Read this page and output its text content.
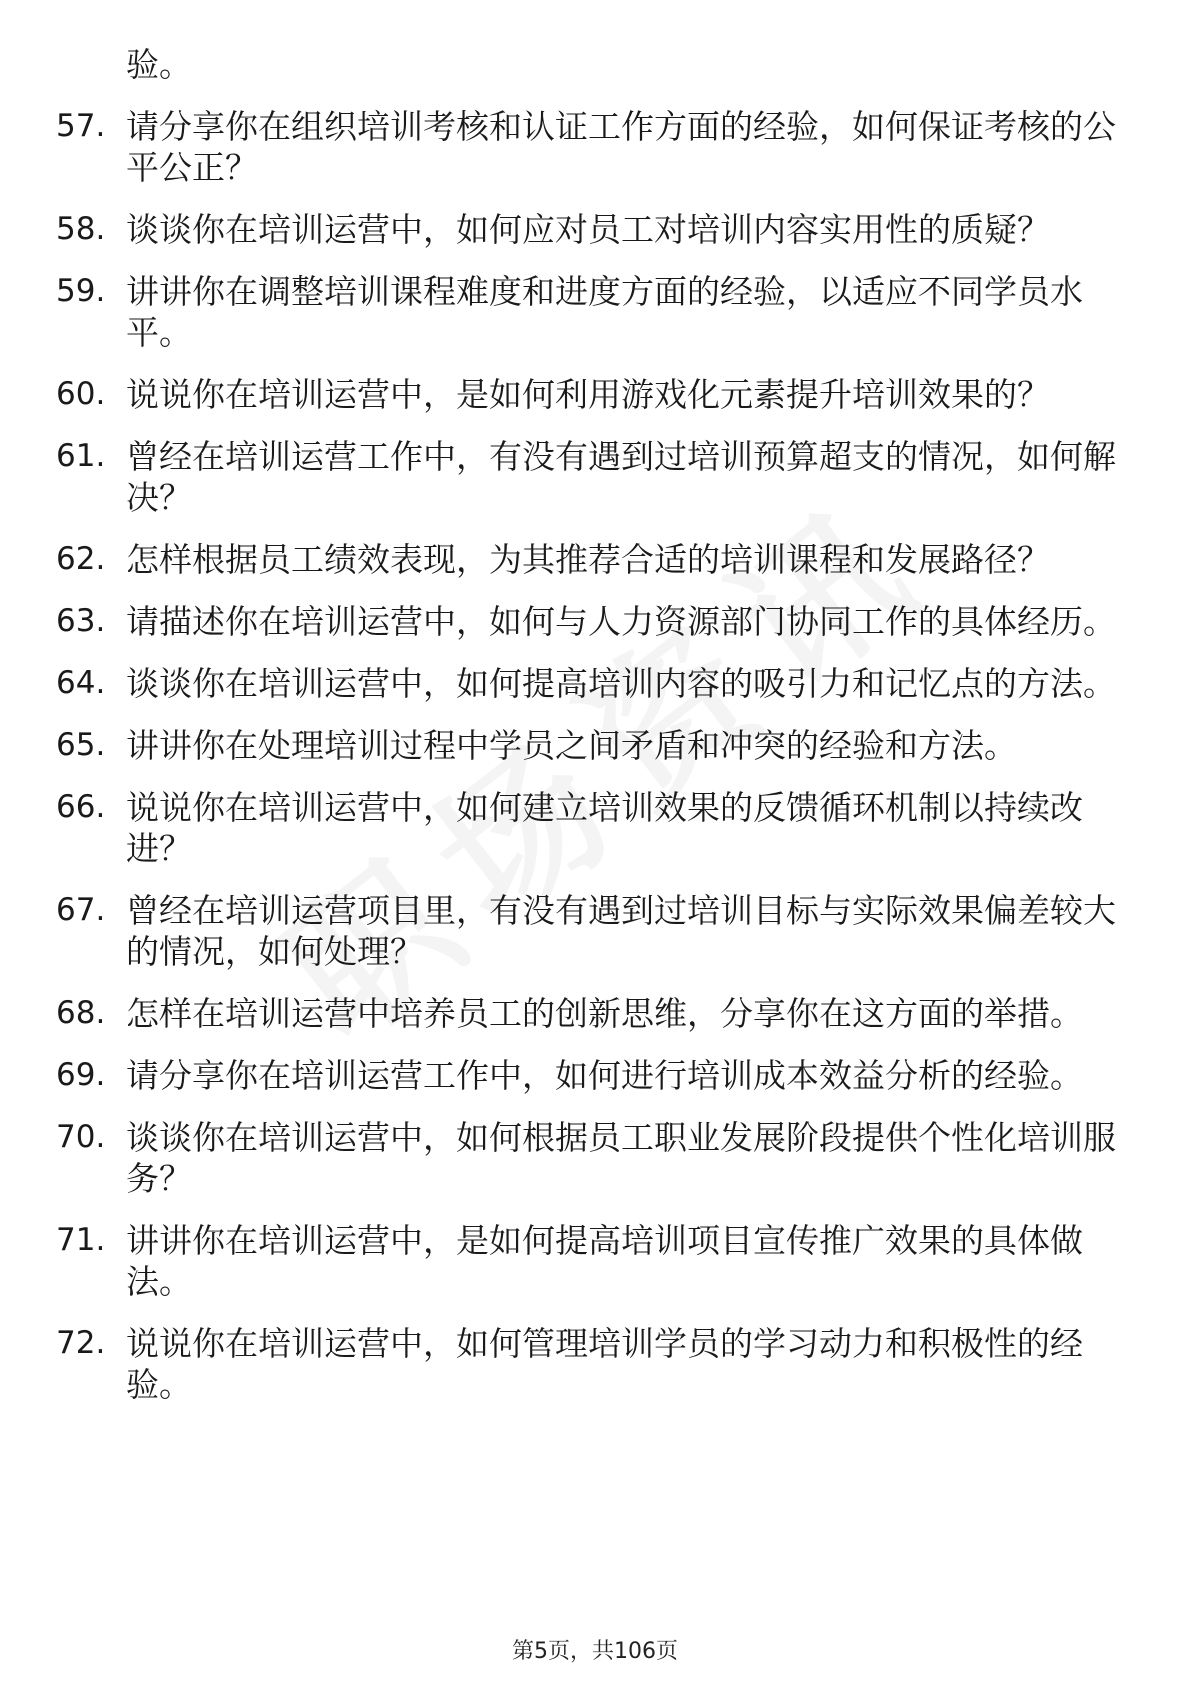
验。
57. 请分享你在组织培训考核和认证工作方面的经验，如何保证考核的公平公正？
58. 谈谈你在培训运营中，如何应对员工对培训内容实用性的质疑？
59. 讲讲你在调整培训课程难度和进度方面的经验，以适应不同学员水平。
60. 说说你在培训运营中，是如何利用游戏化元素提升培训效果的？
61. 曾经在培训运营工作中，有没有遇到过培训预算超支的情况，如何解决？
62. 怎样根据员工绩效表现，为其推荐合适的培训课程和发展路径？
63. 请描述你在培训运营中，如何与人力资源部门协同工作的具体经历。
64. 谈谈你在培训运营中，如何提高培训内容的吸引力和记忆点的方法。
65. 讲讲你在处理培训过程中学员之间矛盾和冲突的经验和方法。
66. 说说你在培训运营中，如何建立培训效果的反馈循环机制以持续改进？
67. 曾经在培训运营项目里，有没有遇到过培训目标与实际效果偏差较大的情况，如何处理？
68. 怎样在培训运营中培养员工的创新思维，分享你在这方面的举措。
69. 请分享你在培训运营工作中，如何进行培训成本效益分析的经验。
70. 谈谈你在培训运营中，如何根据员工职业发展阶段提供个性化培训服务？
71. 讲讲你在培训运营中，是如何提高培训项目宣传推广效果的具体做法。
72. 说说你在培训运营中，如何管理培训学员的学习动力和积极性的经验。
第5页，共106页
